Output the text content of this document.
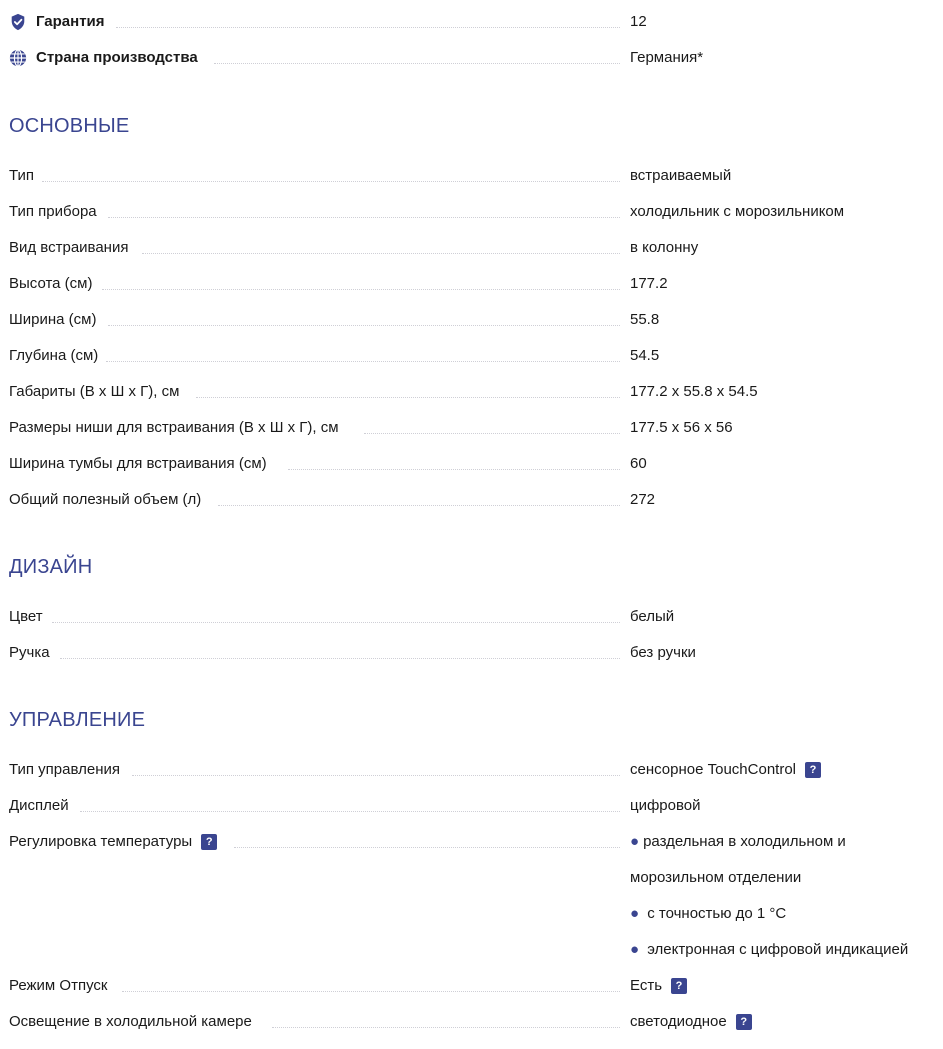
Гарантия	12
Страна производства	Германия*
ОСНОВНЫЕ
Тип	встраиваемый
Тип прибора	холодильник с морозильником
Вид встраивания	в колонну
Высота (см)	177.2
Ширина (см)	55.8
Глубина (см)	54.5
Габариты (В х Ш х Г), см	177.2 x 55.8 x 54.5
Размеры ниши для встраивания (В х Ш х Г), см	177.5 x 56 x 56
Ширина тумбы для встраивания (см)	60
Общий полезный объем (л)	272
ДИЗАЙН
Цвет	белый
Ручка	без ручки
УПРАВЛЕНИЕ
Тип управления	сенсорное TouchControl	?
Дисплей	цифровой
Регулировка температуры	?	● раздельная в холодильном и
морозильном отделении
● с точностью до 1 °С
● электронная с цифровой индикацией
Режим Отпуск	Есть	?
Освещение в холодильной камере	светодиодное	?
